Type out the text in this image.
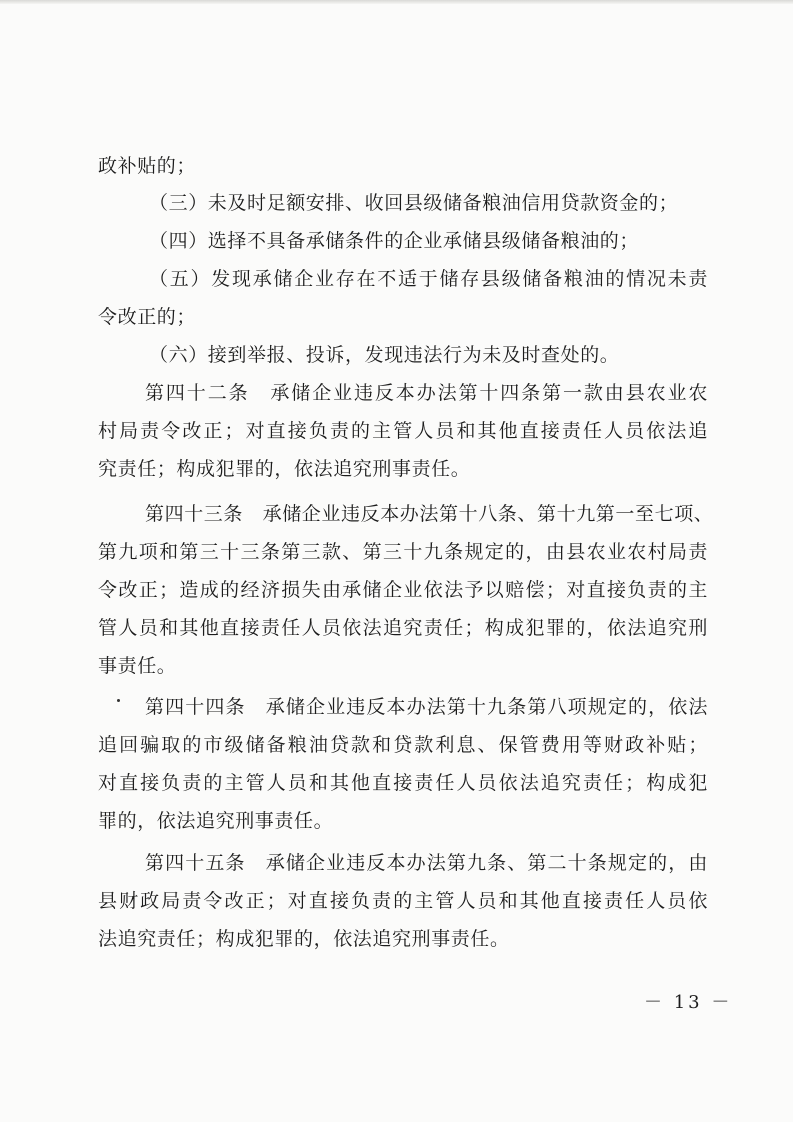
政补贴的；
（三）未及时足额安排、收回县级储备粮油信用贷款资金的；
（四）选择不具备承储条件的企业承储县级储备粮油的；
（五）发现承储企业存在不适于储存县级储备粮油的情况未责
令改正的；
（六）接到举报、投诉，发现违法行为未及时查处的。
第四十二条　承储企业违反本办法第十四条第一款由县农业农
村局责令改正；对直接负责的主管人员和其他直接责任人员依法追
究责任；构成犯罪的，依法追究刑事责任。
第四十三条　承储企业违反本办法第十八条、第十九第一至七项、
第九项和第三十三条第三款、第三十九条规定的，由县农业农村局责
令改正；造成的经济损失由承储企业依法予以赔偿；对直接负责的主
管人员和其他直接责任人员依法追究责任；构成犯罪的，依法追究刑
事责任。
第四十四条　承储企业违反本办法第十九条第八项规定的，依法
追回骗取的市级储备粮油贷款和贷款利息、保管费用等财政补贴；
对直接负责的主管人员和其他直接责任人员依法追究责任；构成犯
罪的，依法追究刑事责任。
第四十五条　承储企业违反本办法第九条、第二十条规定的，由
县财政局责令改正；对直接负责的主管人员和其他直接责任人员依
法追究责任；构成犯罪的，依法追究刑事责任。
－ 13 －
